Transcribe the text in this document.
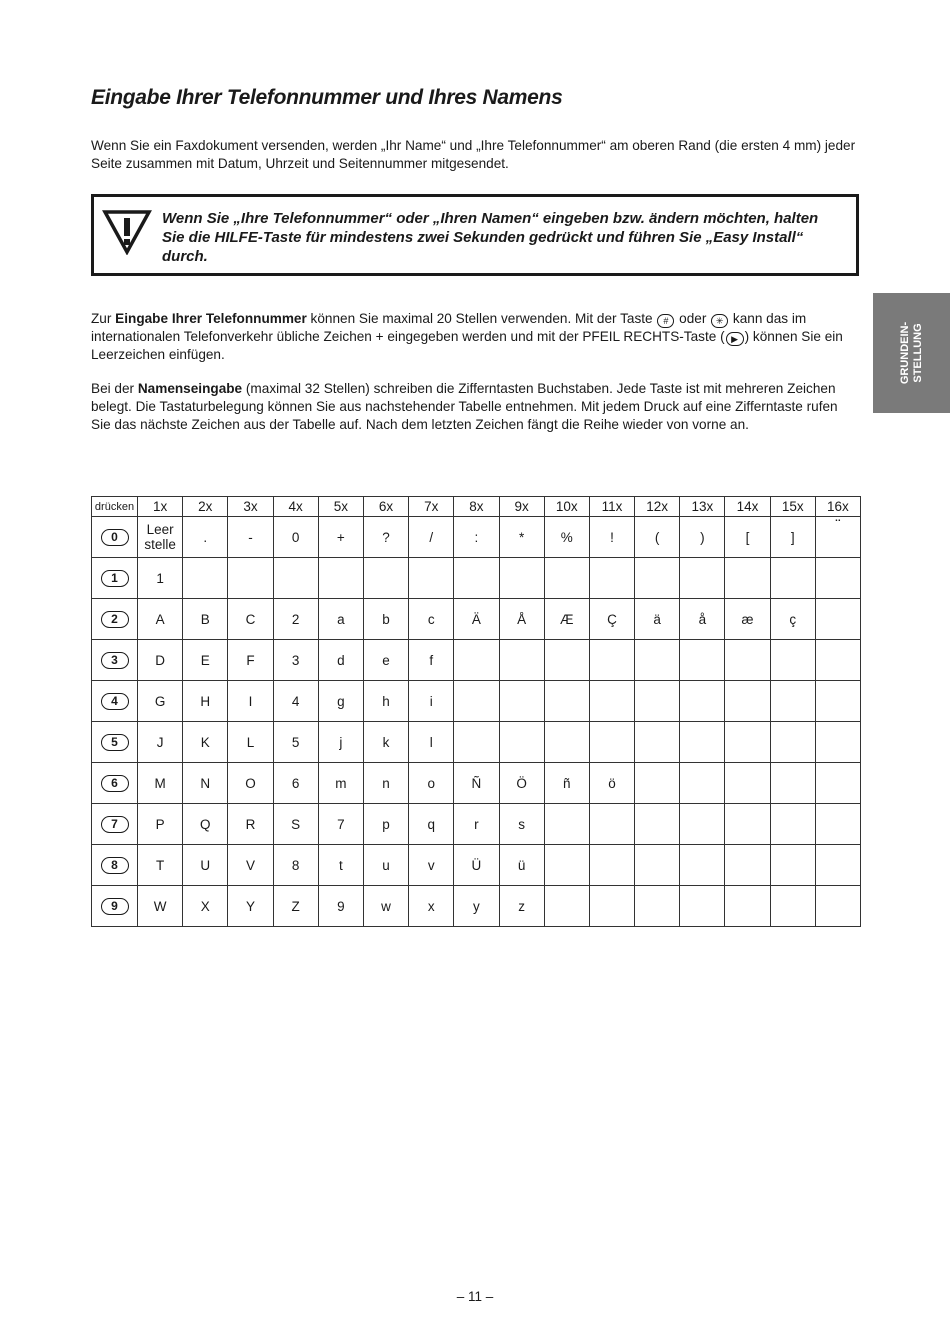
Eingabe Ihrer Telefonnummer und Ihres Namens
Wenn Sie ein Faxdokument versenden, werden „Ihr Name“ und „Ihre Telefonnummer“ am oberen Rand (die ersten 4 mm) jeder Seite zusammen mit Datum, Uhrzeit und Seitennummer mitgesendet.
Wenn Sie „Ihre Telefonnummer“ oder „Ihren Namen“ eingeben bzw. ändern möchten, halten Sie die HILFE-Taste für mindestens zwei Sekunden gedrückt und führen Sie „Easy Install“ durch.
Zur Eingabe Ihrer Telefonnummer können Sie maximal 20 Stellen verwenden. Mit der Taste # oder ✳ kann das im internationalen Telefonverkehr übliche Zeichen + eingegeben werden und mit der PFEIL RECHTS-Taste ( ▶ ) können Sie ein Leerzeichen einfügen.
Bei der Namenseingabe (maximal 32 Stellen) schreiben die Zifferntasten Buchstaben. Jede Taste ist mit mehreren Zeichen belegt. Die Tastaturbelegung können Sie aus nachstehender Tabelle entnehmen. Mit jedem Druck auf eine Zifferntaste rufen Sie das nächste Zeichen aus der Tabelle auf. Nach dem letzten Zeichen fängt die Reihe wieder von vorne an.
GRUNDEIN- STELLUNG
drücken	1x	2x	3x	4x	5x	6x	7x	8x	9x	10x	11x	12x	13x	14x	15x	16x
0	Leer stelle	.	-	0	+	?	/	:	*	%	!	(	)	[	]	¨
1	1															
2	A	B	C	2	a	b	c	Ä	Å	Æ	Ç	ä	å	æ	ç	
3	D	E	F	3	d	e	f									
4	G	H	I	4	g	h	i									
5	J	K	L	5	j	k	l									
6	M	N	O	6	m	n	o	Ñ	Ö	ñ	ö					
7	P	Q	R	S	7	p	q	r	s							
8	T	U	V	8	t	u	v	Ü	ü							
9	W	X	Y	Z	9	w	x	y	z							
– 11 –
